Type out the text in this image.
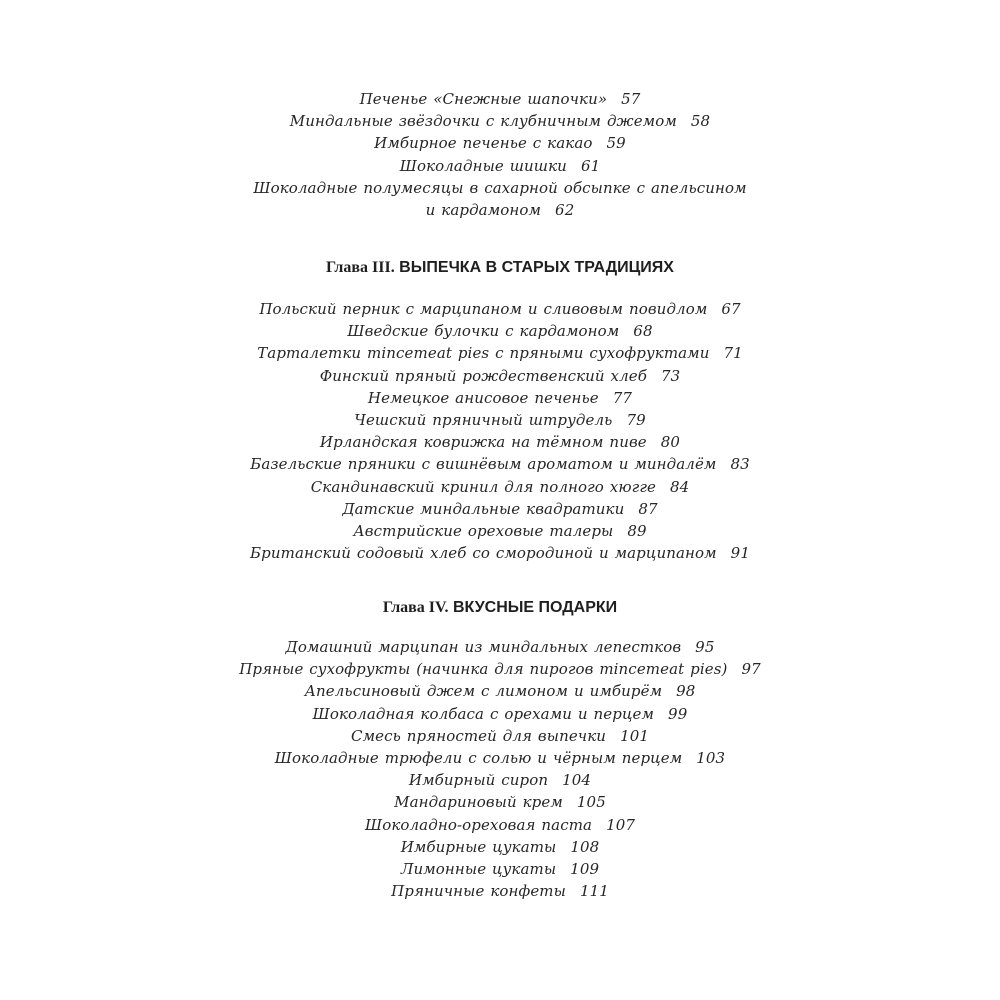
Печенье «Снежные шапочки» 57
Миндальные звёздочки с клубничным джемом 58
Имбирное печенье с какао 59
Шоколадные шишки 61
Шоколадные полумесяцы в сахарной обсыпке с апельсином
и кардамоном 62
Глава III. ВЫПЕЧКА В СТАРЫХ ТРАДИЦИЯХ
Польский перник с марципаном и сливовым повидлом 67
Шведские булочки с кардамоном 68
Тарталетки mincemeat pies с пряными сухофруктами 71
Финский пряный рождественский хлеб 73
Немецкое анисовое печенье 77
Чешский пряничный штрудель 79
Ирландская коврижка на тёмном пиве 80
Базельские пряники с вишнёвым ароматом и миндалём 83
Скандинавский кринил для полного хюгге 84
Датские миндальные квадратики 87
Австрийские ореховые талеры 89
Британский содовый хлеб со смородиной и марципаном 91
Глава IV. ВКУСНЫЕ ПОДАРКИ
Домашний марципан из миндальных лепестков 95
Пряные сухофрукты (начинка для пирогов mincemeat pies) 97
Апельсиновый джем с лимоном и имбирём 98
Шоколадная колбаса с орехами и перцем 99
Смесь пряностей для выпечки 101
Шоколадные трюфели с солью и чёрным перцем 103
Имбирный сироп 104
Мандариновый крем 105
Шоколадно-ореховая паста 107
Имбирные цукаты 108
Лимонные цукаты 109
Пряничные конфеты 111
